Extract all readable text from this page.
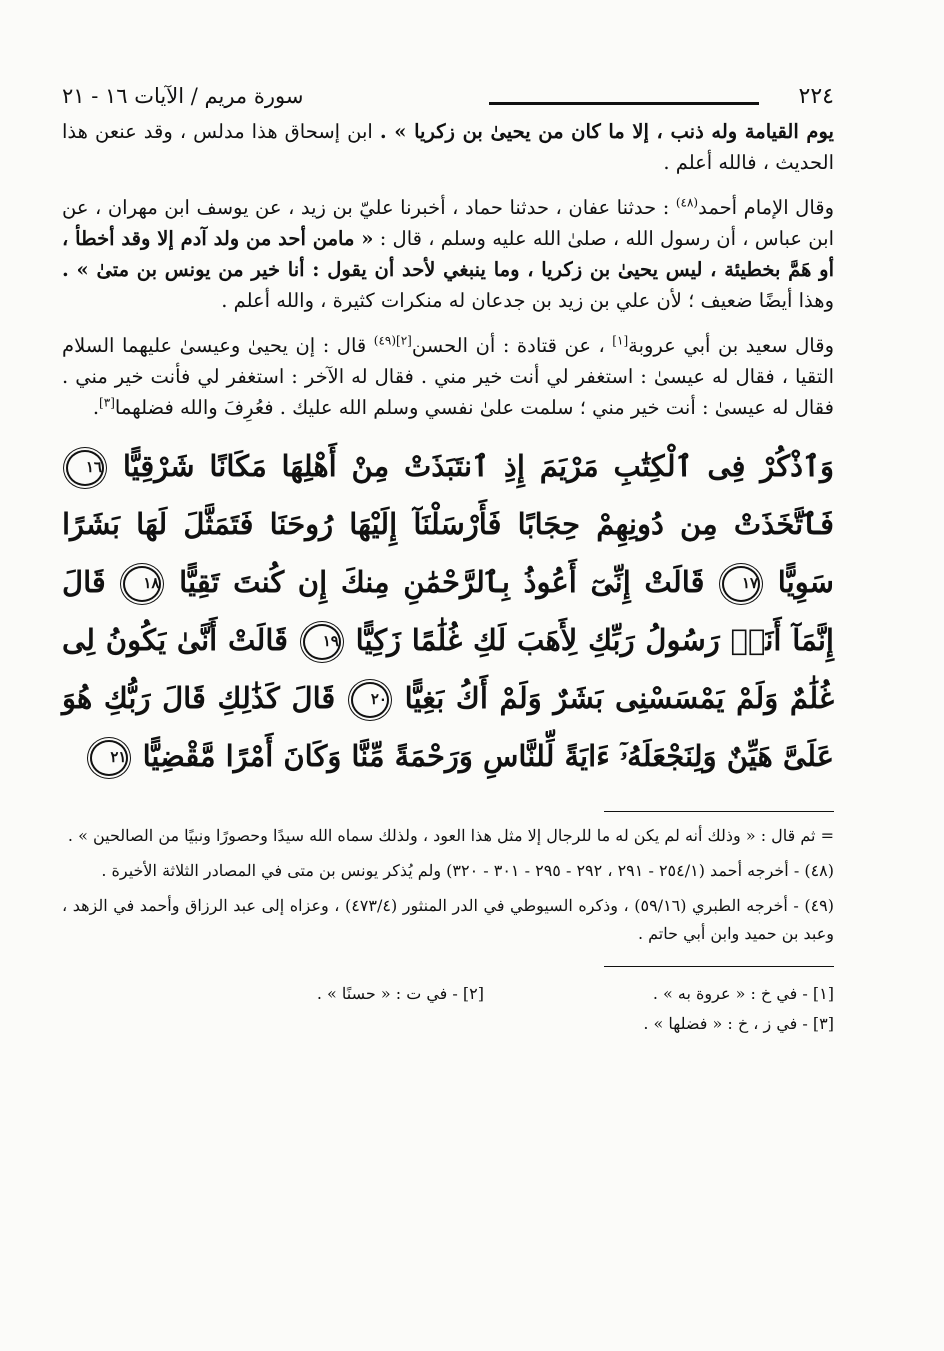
٢٢٤
سورة مريم / الآيات ١٦ - ٢١

يوم القيامة وله ذنب ، إلا ما كان من يحيىٰ بن زكريا » . ابن إسحاق هذا مدلس ، وقد عنعن هذا الحديث ، فالله أعلم .

وقال الإمام أحمد$^{(٤٨)}$ : حدثنا عفان ، حدثنا حماد ، أخبرنا عليّ بن زيد ، عن يوسف ابن مهران ، عن ابن عباس ، أن رسول الله ، صلىٰ الله عليه وسلم ، قال : « مامن أحد من ولد آدم إلا وقد أخطأ ، أو هَمَّ بخطيئة ، ليس يحيىٰ بن زكريا ، وما ينبغي لأحد أن يقول : أنا خير من يونس بن متىٰ » . وهذا أيضًا ضعيف ؛ لأن علي بن زيد بن جدعان له منكرات كثيرة ، والله أعلم .

وقال سعيد بن أبي عروبة[١] ، عن قتادة : أن الحسن$^{[٢](٤٩)}$ قال : إن يحيىٰ وعيسىٰ عليهما السلام التقيا ، فقال له عيسىٰ : استغفر لي أنت خير مني . فقال له الآخر : استغفر لي فأنت خير مني . فقال له عيسىٰ : أنت خير مني ؛ سلمت علىٰ نفسي وسلم الله عليك . فعُرِفَ والله فضلهما[٣].

وَٱذْكُرْ فِى ٱلْكِتَٰبِ مَرْيَمَ إِذِ ٱنتَبَذَتْ مِنْ أَهْلِهَا مَكَانًا شَرْقِيًّا ١٦ فَٱتَّخَذَتْ مِن دُونِهِمْ حِجَابًا فَأَرْسَلْنَآ إِلَيْهَا رُوحَنَا فَتَمَثَّلَ لَهَا بَشَرًا سَوِيًّا ١٧ قَالَتْ إِنِّىٓ أَعُوذُ بِٱلرَّحْمَٰنِ مِنكَ إِن كُنتَ تَقِيًّا ١٨ قَالَ إِنَّمَآ أَنَا۠ رَسُولُ رَبِّكِ لِأَهَبَ لَكِ غُلَٰمًا زَكِيًّا ١٩ قَالَتْ أَنَّىٰ يَكُونُ لِى غُلَٰمٌ وَلَمْ يَمْسَسْنِى بَشَرٌ وَلَمْ أَكُ بَغِيًّا ٢٠ قَالَ كَذَٰلِكِ قَالَ رَبُّكِ هُوَ عَلَىَّ هَيِّنٌ وَلِنَجْعَلَهُۥٓ ءَايَةً لِّلنَّاسِ وَرَحْمَةً مِّنَّا وَكَانَ أَمْرًا مَّقْضِيًّا ٢١

= ثم قال : « وذلك أنه لم يكن له ما للرجال إلا مثل هذا العود ، ولذلك سماه الله سيدًا وحصورًا ونبيًا من الصالحين » .

(٤٨) - أخرجه أحمد (٢٥٤/١ - ٢٩١ ، ٢٩٢ - ٢٩٥ - ٣٠١ - ٣٢٠) ولم يُذكر يونس بن متى في المصادر الثلاثة الأخيرة .

(٤٩) - أخرجه الطبري (٥٩/١٦) ، وذكره السيوطي في الدر المنثور (٤٧٣/٤) ، وعزاه إلى عبد الرزاق وأحمد في الزهد ، وعبد بن حميد وابن أبي حاتم .

[١] - في خ : « عروة به » .
[٢] - في ت : « حسنًا » .
[٣] - في ز ، خ : « فضلها » .
